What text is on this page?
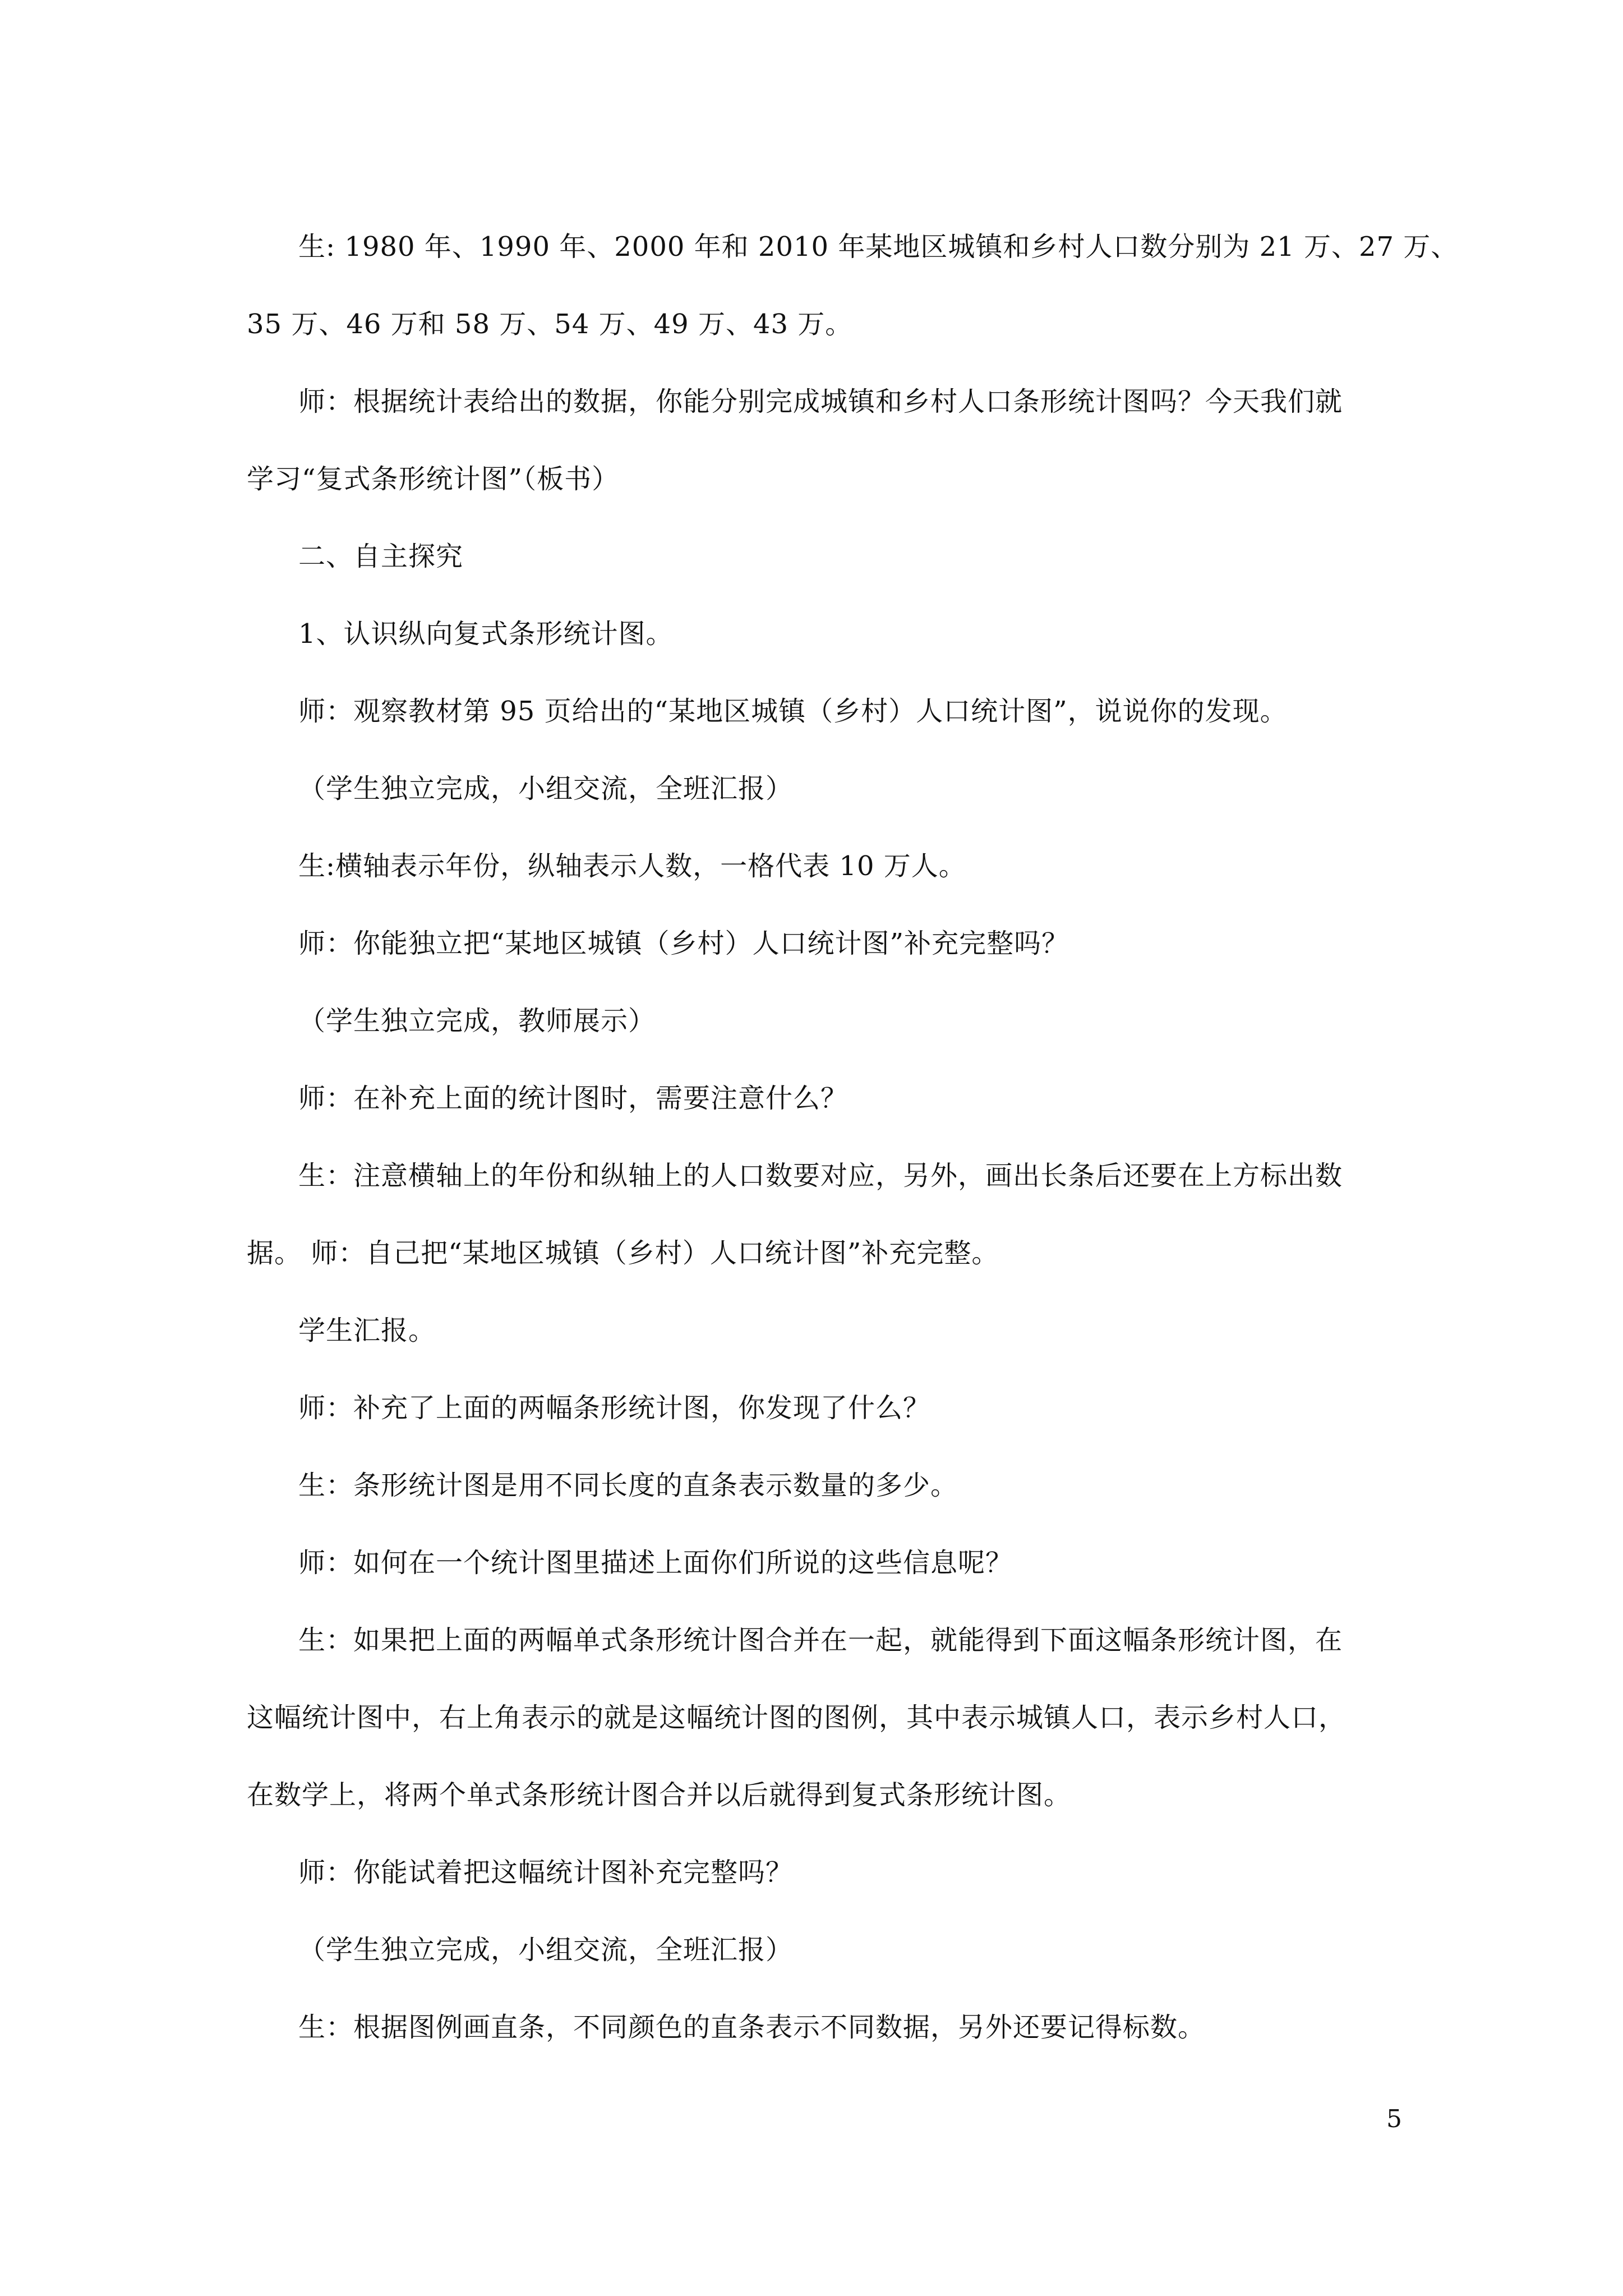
生: 1980 年、1990 年、2000 年和 2010 年某地区城镇和乡村人口数分别为 21 万、27 万、
35 万、46 万和 58 万、54 万、49 万、43 万。
师：根据统计表给出的数据，你能分别完成城镇和乡村人口条形统计图吗？今天我们就
学习“复式条形统计图”（板书）
二、自主探究
1、认识纵向复式条形统计图。
师：观察教材第 95 页给出的“某地区城镇（乡村）人口统计图”，说说你的发现。
（学生独立完成，小组交流，全班汇报）
生:横轴表示年份，纵轴表示人数，一格代表 10 万人。
师：你能独立把“某地区城镇（乡村）人口统计图”补充完整吗？
（学生独立完成，教师展示）
师：在补充上面的统计图时，需要注意什么？
生：注意横轴上的年份和纵轴上的人口数要对应，另外，画出长条后还要在上方标出数
据。 师：自己把“某地区城镇（乡村）人口统计图”补充完整。
学生汇报。
师：补充了上面的两幅条形统计图，你发现了什么？
生：条形统计图是用不同长度的直条表示数量的多少。
师：如何在一个统计图里描述上面你们所说的这些信息呢？
生：如果把上面的两幅单式条形统计图合并在一起，就能得到下面这幅条形统计图，在
这幅统计图中，右上角表示的就是这幅统计图的图例，其中表示城镇人口，表示乡村人口，
在数学上，将两个单式条形统计图合并以后就得到复式条形统计图。
师：你能试着把这幅统计图补充完整吗？
（学生独立完成，小组交流，全班汇报）
生：根据图例画直条，不同颜色的直条表示不同数据，另外还要记得标数。
5
